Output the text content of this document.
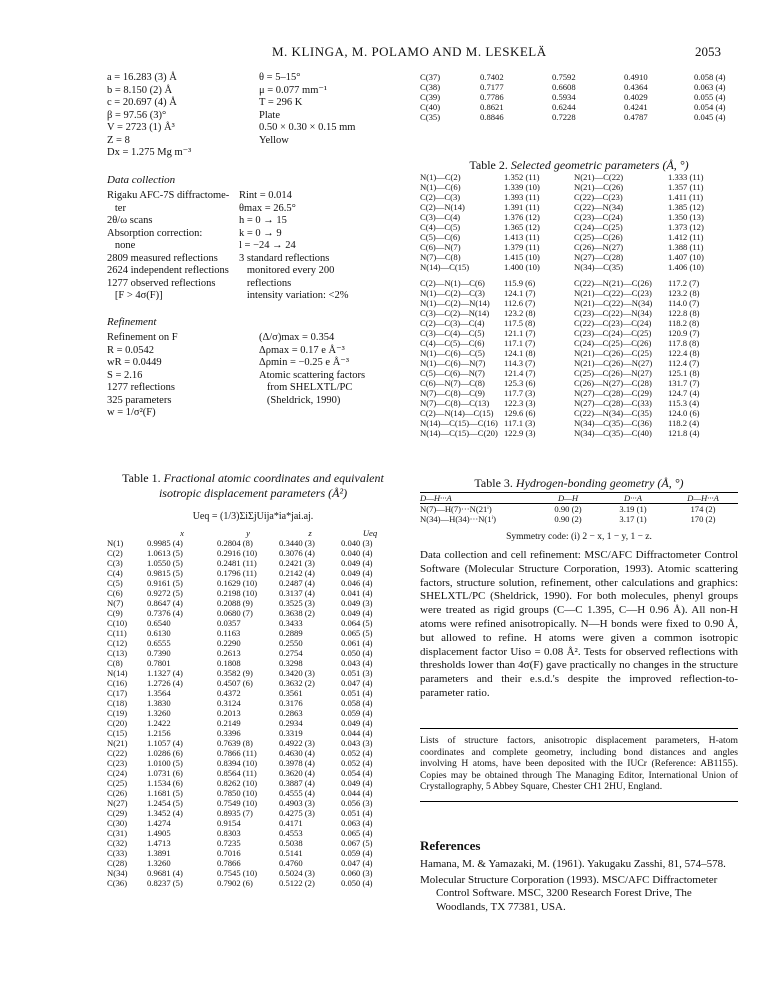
M. KLINGA, M. POLAMO AND M. LESKELÄ	2053
a = 16.283 (3) Å
b = 8.150 (2) Å
c = 20.697 (4) Å
β = 97.56 (3)°
V = 2723 (1) Å³
Z = 8
Dx = 1.275 Mg m⁻³
θ = 5–15°
μ = 0.077 mm⁻¹
T = 296 K
Plate
0.50 × 0.30 × 0.15 mm
Yellow
Data collection
Rigaku AFC-7S diffractome-
ter
2θ/ω scans
Absorption correction:
none
2809 measured reflections
2624 independent reflections
1277 observed reflections
[F > 4σ(F)]
Rint = 0.014
θmax = 26.5°
h = 0 → 15
k = 0 → 9
l = −24 → 24
3 standard reflections
monitored every 200
reflections
intensity variation: <2%
Refinement
Refinement on F
R = 0.0542
wR = 0.0449
S = 2.16
1277 reflections
325 parameters
w = 1/σ²(F)
(Δ/σ)max = 0.354
Δρmax = 0.17 e Å⁻³
Δρmin = −0.25 e Å⁻³
Atomic scattering factors
from SHELXTL/PC
(Sheldrick, 1990)
Table 1. Fractional atomic coordinates and equivalent isotropic displacement parameters (Å²)
Ueq = (1/3)ΣiΣjUija*ia*jai.aj.
	x	y	z	Ueq
N(1)	0.9985 (4)	0.2804 (8)	0.3440 (3)	0.040 (3)
C(2)	1.0613 (5)	0.2916 (10)	0.3076 (4)	0.040 (4)
C(3)	1.0550 (5)	0.2481 (11)	0.2421 (3)	0.049 (4)
C(4)	0.9815 (5)	0.1796 (11)	0.2142 (4)	0.049 (4)
C(5)	0.9161 (5)	0.1629 (10)	0.2487 (4)	0.046 (4)
C(6)	0.9272 (5)	0.2198 (10)	0.3137 (4)	0.041 (4)
N(7)	0.8647 (4)	0.2088 (9)	0.3525 (3)	0.049 (3)
C(9)	0.7376 (4)	0.0680 (7)	0.3638 (2)	0.049 (4)
C(10)	0.6540	0.0357	0.3433	0.064 (5)
C(11)	0.6130	0.1163	0.2889	0.065 (5)
C(12)	0.6555	0.2290	0.2550	0.061 (4)
C(13)	0.7390	0.2613	0.2754	0.050 (4)
C(8)	0.7801	0.1808	0.3298	0.043 (4)
N(14)	1.1327 (4)	0.3582 (9)	0.3420 (3)	0.051 (3)
C(16)	1.2726 (4)	0.4507 (6)	0.3632 (2)	0.047 (4)
C(17)	1.3564	0.4372	0.3561	0.051 (4)
C(18)	1.3830	0.3124	0.3176	0.058 (4)
C(19)	1.3260	0.2013	0.2863	0.059 (4)
C(20)	1.2422	0.2149	0.2934	0.049 (4)
C(15)	1.2156	0.3396	0.3319	0.044 (4)
N(21)	1.1057 (4)	0.7639 (8)	0.4922 (3)	0.043 (3)
C(22)	1.0286 (6)	0.7866 (11)	0.4630 (4)	0.052 (4)
C(23)	1.0100 (5)	0.8394 (10)	0.3978 (4)	0.052 (4)
C(24)	1.0731 (6)	0.8564 (11)	0.3620 (4)	0.054 (4)
C(25)	1.1534 (6)	0.8262 (10)	0.3887 (4)	0.049 (4)
C(26)	1.1681 (5)	0.7850 (10)	0.4555 (4)	0.044 (4)
N(27)	1.2454 (5)	0.7549 (10)	0.4903 (3)	0.056 (3)
C(29)	1.3452 (4)	0.8935 (7)	0.4275 (3)	0.051 (4)
C(30)	1.4274	0.9154	0.4171	0.063 (4)
C(31)	1.4905	0.8303	0.4553	0.065 (4)
C(32)	1.4713	0.7235	0.5038	0.067 (5)
C(33)	1.3891	0.7016	0.5141	0.059 (4)
C(28)	1.3260	0.7866	0.4760	0.047 (4)
N(34)	0.9681 (4)	0.7545 (10)	0.5024 (3)	0.060 (3)
C(36)	0.8237 (5)	0.7902 (6)	0.5122 (2)	0.050 (4)
C(37)	0.7402	0.7592	0.4910	0.058 (4)
C(38)	0.7177	0.6608	0.4364	0.063 (4)
C(39)	0.7786	0.5934	0.4029	0.055 (4)
C(40)	0.8621	0.6244	0.4241	0.054 (4)
C(35)	0.8846	0.7228	0.4787	0.045 (4)
Table 2. Selected geometric parameters (Å, °)
N(1)—C(2)	1.352 (11)	N(21)—C(22)	1.333 (11)
N(1)—C(6)	1.339 (10)	N(21)—C(26)	1.357 (11)
C(2)—C(3)	1.393 (11)	C(22)—C(23)	1.411 (11)
C(2)—N(14)	1.391 (11)	C(22)—N(34)	1.385 (12)
C(3)—C(4)	1.376 (12)	C(23)—C(24)	1.350 (13)
C(4)—C(5)	1.365 (12)	C(24)—C(25)	1.373 (12)
C(5)—C(6)	1.413 (11)	C(25)—C(26)	1.412 (11)
C(6)—N(7)	1.379 (11)	C(26)—N(27)	1.388 (11)
N(7)—C(8)	1.415 (10)	N(27)—C(28)	1.407 (10)
N(14)—C(15)	1.400 (10)	N(34)—C(35)	1.406 (10)

C(2)—N(1)—C(6)	115.9 (6)	C(22)—N(21)—C(26)	117.2 (7)
N(1)—C(2)—C(3)	124.1 (7)	N(21)—C(22)—C(23)	123.2 (8)
N(1)—C(2)—N(14)	112.6 (7)	N(21)—C(22)—N(34)	114.0 (7)
C(3)—C(2)—N(14)	123.2 (8)	C(23)—C(22)—N(34)	122.8 (8)
C(2)—C(3)—C(4)	117.5 (8)	C(22)—C(23)—C(24)	118.2 (8)
C(3)—C(4)—C(5)	121.1 (7)	C(23)—C(24)—C(25)	120.9 (7)
C(4)—C(5)—C(6)	117.1 (7)	C(24)—C(25)—C(26)	117.8 (8)
N(1)—C(6)—C(5)	124.1 (8)	N(21)—C(26)—C(25)	122.4 (8)
N(1)—C(6)—N(7)	114.3 (7)	N(21)—C(26)—N(27)	112.4 (7)
C(5)—C(6)—N(7)	121.4 (7)	C(25)—C(26)—N(27)	125.1 (8)
C(6)—N(7)—C(8)	125.3 (6)	C(26)—N(27)—C(28)	131.7 (7)
N(7)—C(8)—C(9)	117.7 (3)	N(27)—C(28)—C(29)	124.7 (4)
N(7)—C(8)—C(13)	122.3 (3)	N(27)—C(28)—C(33)	115.3 (4)
C(2)—N(14)—C(15)	129.6 (6)	C(22)—N(34)—C(35)	124.0 (6)
N(14)—C(15)—C(16)	117.1 (3)	N(34)—C(35)—C(36)	118.2 (4)
N(14)—C(15)—C(20)	122.9 (3)	N(34)—C(35)—C(40)	121.8 (4)
Table 3. Hydrogen-bonding geometry (Å, °)
D—H···A	D—H	D···A	D—H···A
N(7)—H(7)···N(21ⁱ)	0.90 (2)	3.19 (1)	174 (2)
N(34)—H(34)···N(1ⁱ)	0.90 (2)	3.17 (1)	170 (2)
Symmetry code: (i) 2 − x, 1 − y, 1 − z.
Data collection and cell refinement: MSC/AFC Diffractometer Control Software (Molecular Structure Corporation, 1993). Atomic scattering factors, structure solution, refinement, other calculations and graphics: SHELXTL/PC (Sheldrick, 1990). For both molecules, phenyl groups were treated as rigid groups (C—C 1.395, C—H 0.96 Å). All non-H atoms were refined anisotropically. N—H bonds were fixed to 0.90 Å, but allowed to refine. H atoms were given a common isotropic displacement factor Uiso = 0.08 Å². Tests for observed reflections with thresholds lower than 4σ(F) gave practically no changes in the structure parameters and their e.s.d.'s despite the improved reflection-to-parameter ratio.
Lists of structure factors, anisotropic displacement parameters, H-atom coordinates and complete geometry, including bond distances and angles involving H atoms, have been deposited with the IUCr (Reference: AB1155). Copies may be obtained through The Managing Editor, International Union of Crystallography, 5 Abbey Square, Chester CH1 2HU, England.
References
Hamana, M. & Yamazaki, M. (1961). Yakugaku Zasshi, 81, 574–578.
Molecular Structure Corporation (1993). MSC/AFC Diffractometer Control Software. MSC, 3200 Research Forest Drive, The Woodlands, TX 77381, USA.
